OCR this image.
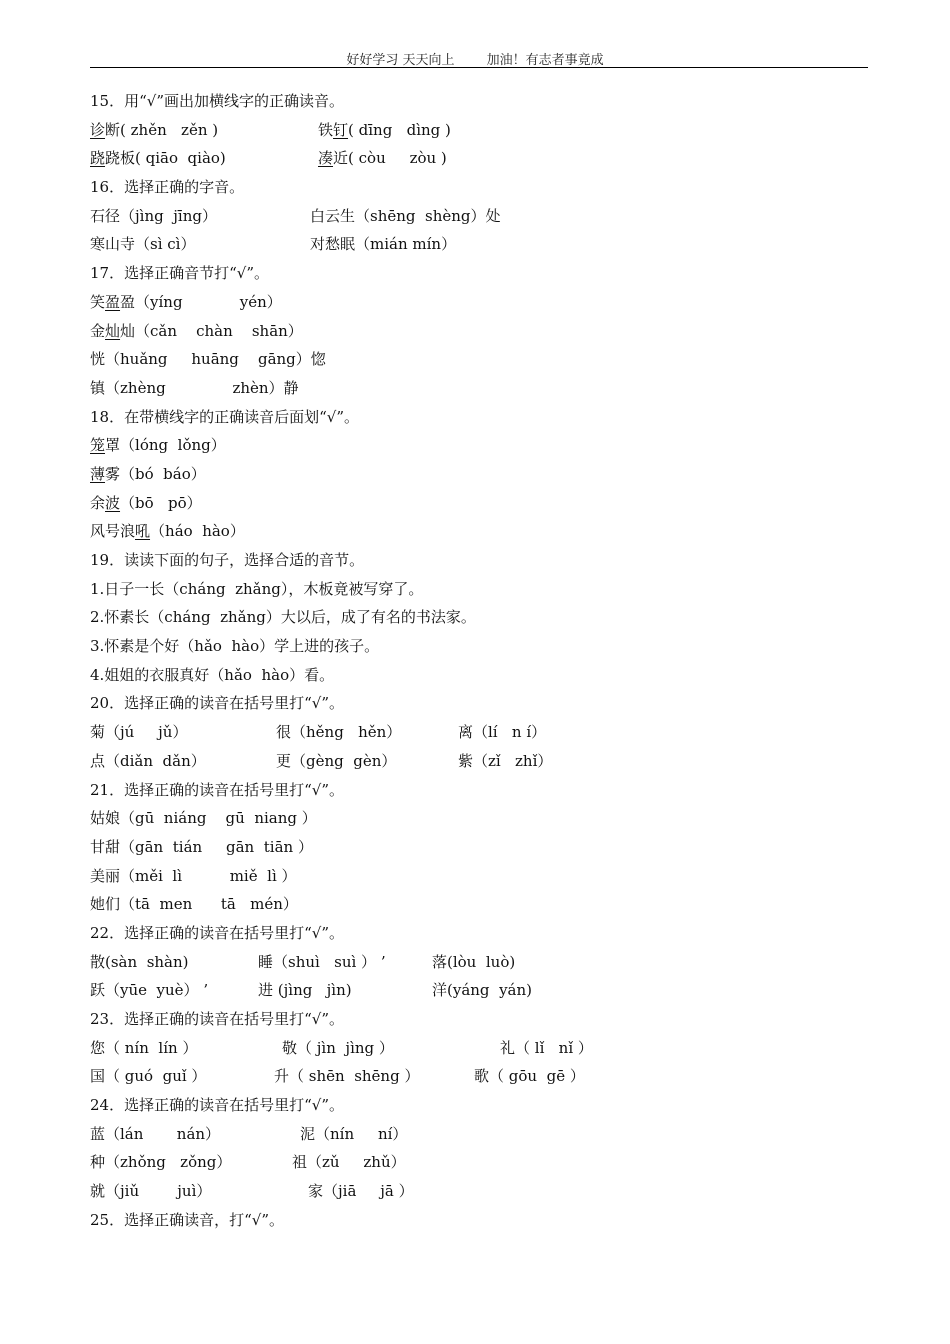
好好学习 天天向上 加油！有志者事竟成
15．用“√”画出加横线字的正确读音。
诊断( zhěn   zěn )	铁钉( dīng   dìng )
跷跷板( qiāo  qiào)	凑近( còu     zòu )
16．选择正确的字音。
石径（jìng  jīng）	白云生（shēng  shèng）处
寒山寺（sì cì）	对愁眠（mián mín）
17．选择正确音节打“√”。
笑盈盈（yíng            yén）
金灿灿（cǎn    chàn    shān）
恍（huǎng     huāng    gāng）惚
镇（zhèng              zhèn）静
18．在带横线字的正确读音后面划“√”。
笼罩（lóng  lǒng）
薄雾（bó  báo）
余波（bō   pō）
风号浪吼（háo  hào）
19．读读下面的句子，选择合适的音节。
1.日子一长（cháng  zhǎng），木板竟被写穿了。
2.怀素长（cháng  zhǎng）大以后，成了有名的书法家。
3.怀素是个好（hǎo  hào）学上进的孩子。
4.姐姐的衣服真好（hǎo  hào）看。
20．选择正确的读音在括号里打“√”。
菊（jú     jǔ）	很（hěng   hěn）	离（lí   n í）
点（diǎn  dǎn）	更（gèng  gèn）	紫（zǐ   zhǐ）
21．选择正确的读音在括号里打“√”。
姑娘（gū  niáng    gū  niang ）
甘甜（gān  tián     gān  tiān ）
美丽（měi  lì          miě  lì ）
她们（tā  men      tā   mén）
22．选择正确的读音在括号里打“√”。
散(sàn  shàn)	睡（shuì   suì ） ’	落(lòu  luò)
跃（yūe  yuè） ’	进 (jìng   jìn)	洋(yáng  yán)
23．选择正确的读音在括号里打“√”。
您（ nín  lín ）	敬（ jìn  jìng ）	礼（ lǐ   nǐ ）
国（ guó  guǐ ）	升（ shēn  shēng ）	歌（ gōu  gē ）
24．选择正确的读音在括号里打“√”。
蓝（lán       nán）	泥（nín     ní）
种（zhǒng   zǒng）	祖（zǔ     zhǔ）
就（jiǔ        juì）	家（jiā     jā ）
25．选择正确读音，打“√”。
